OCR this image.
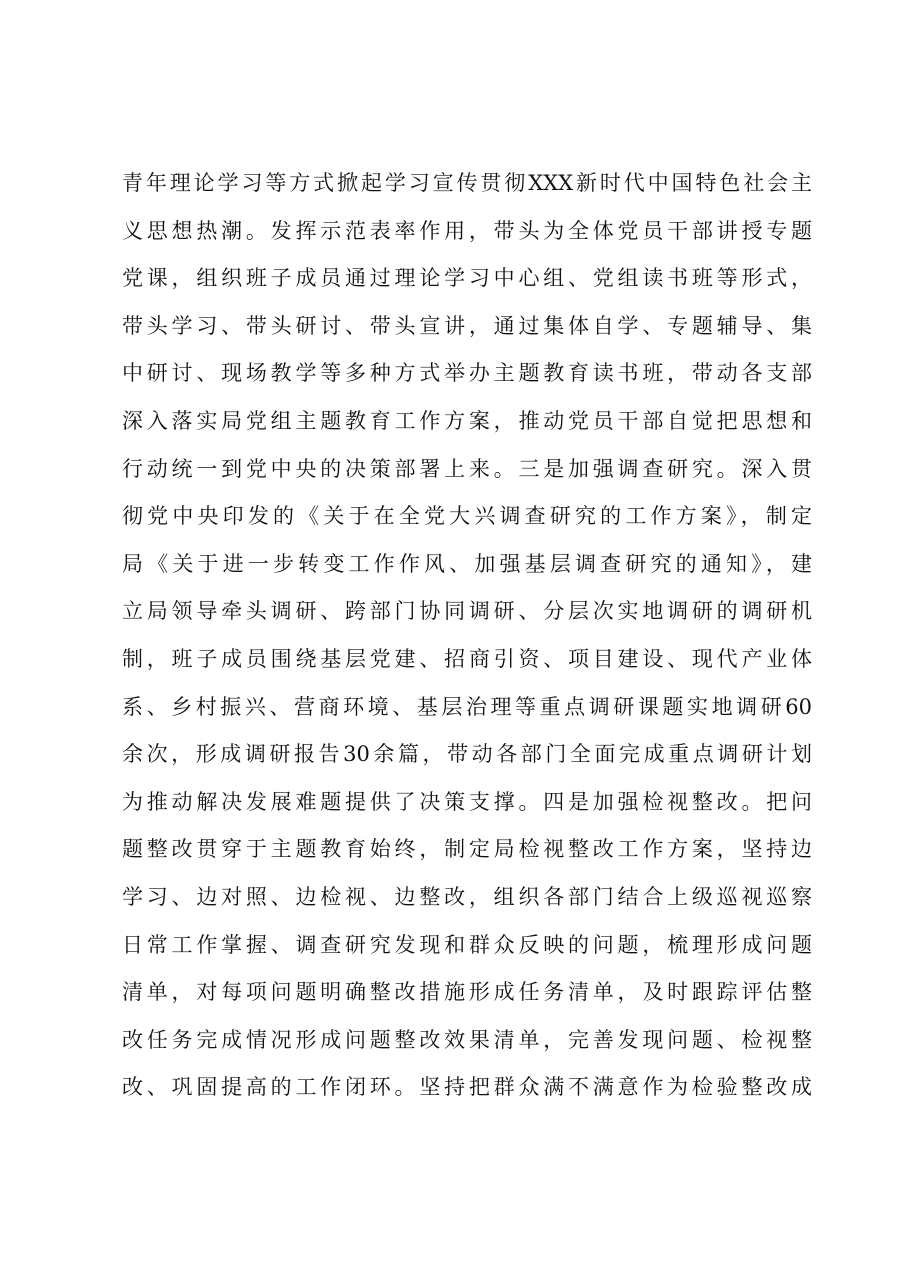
青年理论学习等方式掀起学习宣传贯彻XXX新时代中国特色社会主
义思想热潮。发挥示范表率作用，带头为全体党员干部讲授专题
党课，组织班子成员通过理论学习中心组、党组读书班等形式，
带头学习、带头研讨、带头宣讲，通过集体自学、专题辅导、集
中研讨、现场教学等多种方式举办主题教育读书班，带动各支部
深入落实局党组主题教育工作方案，推动党员干部自觉把思想和
行动统一到党中央的决策部署上来。三是加强调查研究。深入贯
彻党中央印发的《关于在全党大兴调查研究的工作方案》，制定
局《关于进一步转变工作作风、加强基层调查研究的通知》，建
立局领导牵头调研、跨部门协同调研、分层次实地调研的调研机
制，班子成员围绕基层党建、招商引资、项目建设、现代产业体
系、乡村振兴、营商环境、基层治理等重点调研课题实地调研60
余次，形成调研报告30余篇，带动各部门全面完成重点调研计划
为推动解决发展难题提供了决策支撑。四是加强检视整改。把问
题整改贯穿于主题教育始终，制定局检视整改工作方案，坚持边
学习、边对照、边检视、边整改，组织各部门结合上级巡视巡察
日常工作掌握、调查研究发现和群众反映的问题，梳理形成问题
清单，对每项问题明确整改措施形成任务清单，及时跟踪评估整
改任务完成情况形成问题整改效果清单，完善发现问题、检视整
改、巩固提高的工作闭环。坚持把群众满不满意作为检验整改成
